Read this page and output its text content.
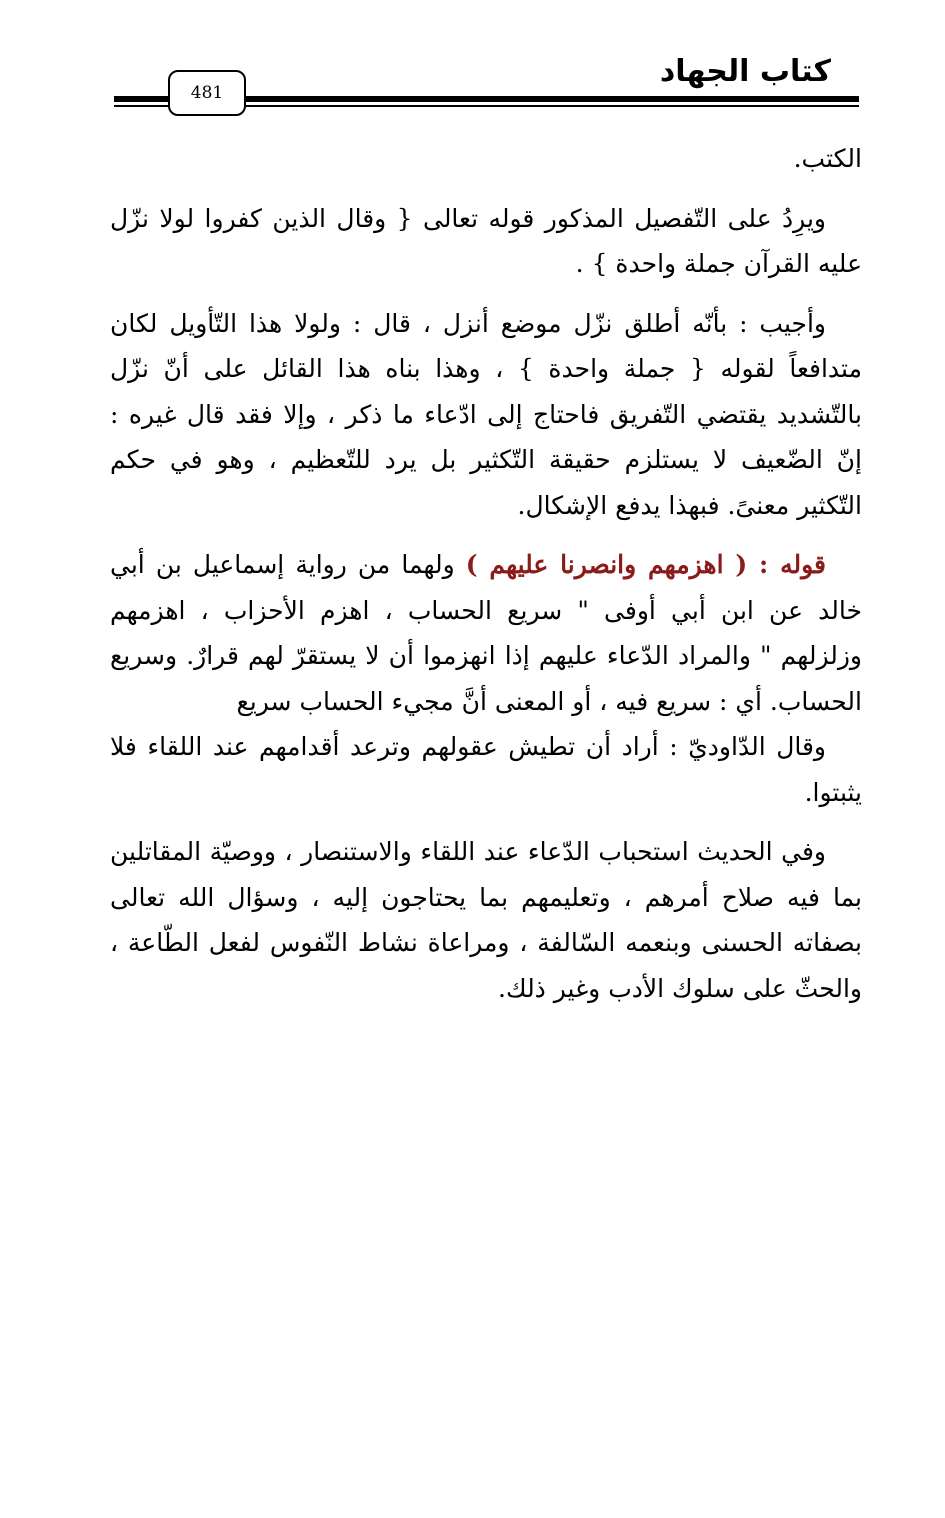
كتاب الجهاد
481

الكتب.

ويرِدُ على التّفصيل المذكور قوله تعالى { وقال الذين كفروا لولا نزّل عليه القرآن جملة واحدة } .

وأجيب : بأنّه أطلق نزّل موضع أنزل ، قال : ولولا هذا التّأويل لكان متدافعاً لقوله { جملة واحدة } ، وهذا بناه هذا القائل على أنّ نزّل بالتّشديد يقتضي التّفريق فاحتاج إلى ادّعاء ما ذكر ، وإلا فقد قال غيره : إنّ الضّعيف لا يستلزم حقيقة التّكثير بل يرد للتّعظيم ، وهو في حكم التّكثير معنىً. فبهذا يدفع الإشكال.

قوله : ( اهزمهم وانصرنا عليهم ) ولهما من رواية إسماعيل بن أبي خالد عن ابن أبي أوفى " سريع الحساب ، اهزم الأحزاب ، اهزمهم وزلزلهم " والمراد الدّعاء عليهم إذا انهزموا أن لا يستقرّ لهم قرارٌ. وسريع الحساب. أي : سريع فيه ، أو المعنى أنَّ مجيء الحساب سريع

وقال الدّاوديّ : أراد أن تطيش عقولهم وترعد أقدامهم عند اللقاء فلا يثبتوا.

وفي الحديث استحباب الدّعاء عند اللقاء والاستنصار ، ووصيّة المقاتلين بما فيه صلاح أمرهم ، وتعليمهم بما يحتاجون إليه ، وسؤال الله تعالى بصفاته الحسنى وبنعمه السّالفة ، ومراعاة نشاط النّفوس لفعل الطّاعة ، والحثّ على سلوك الأدب وغير ذلك.
